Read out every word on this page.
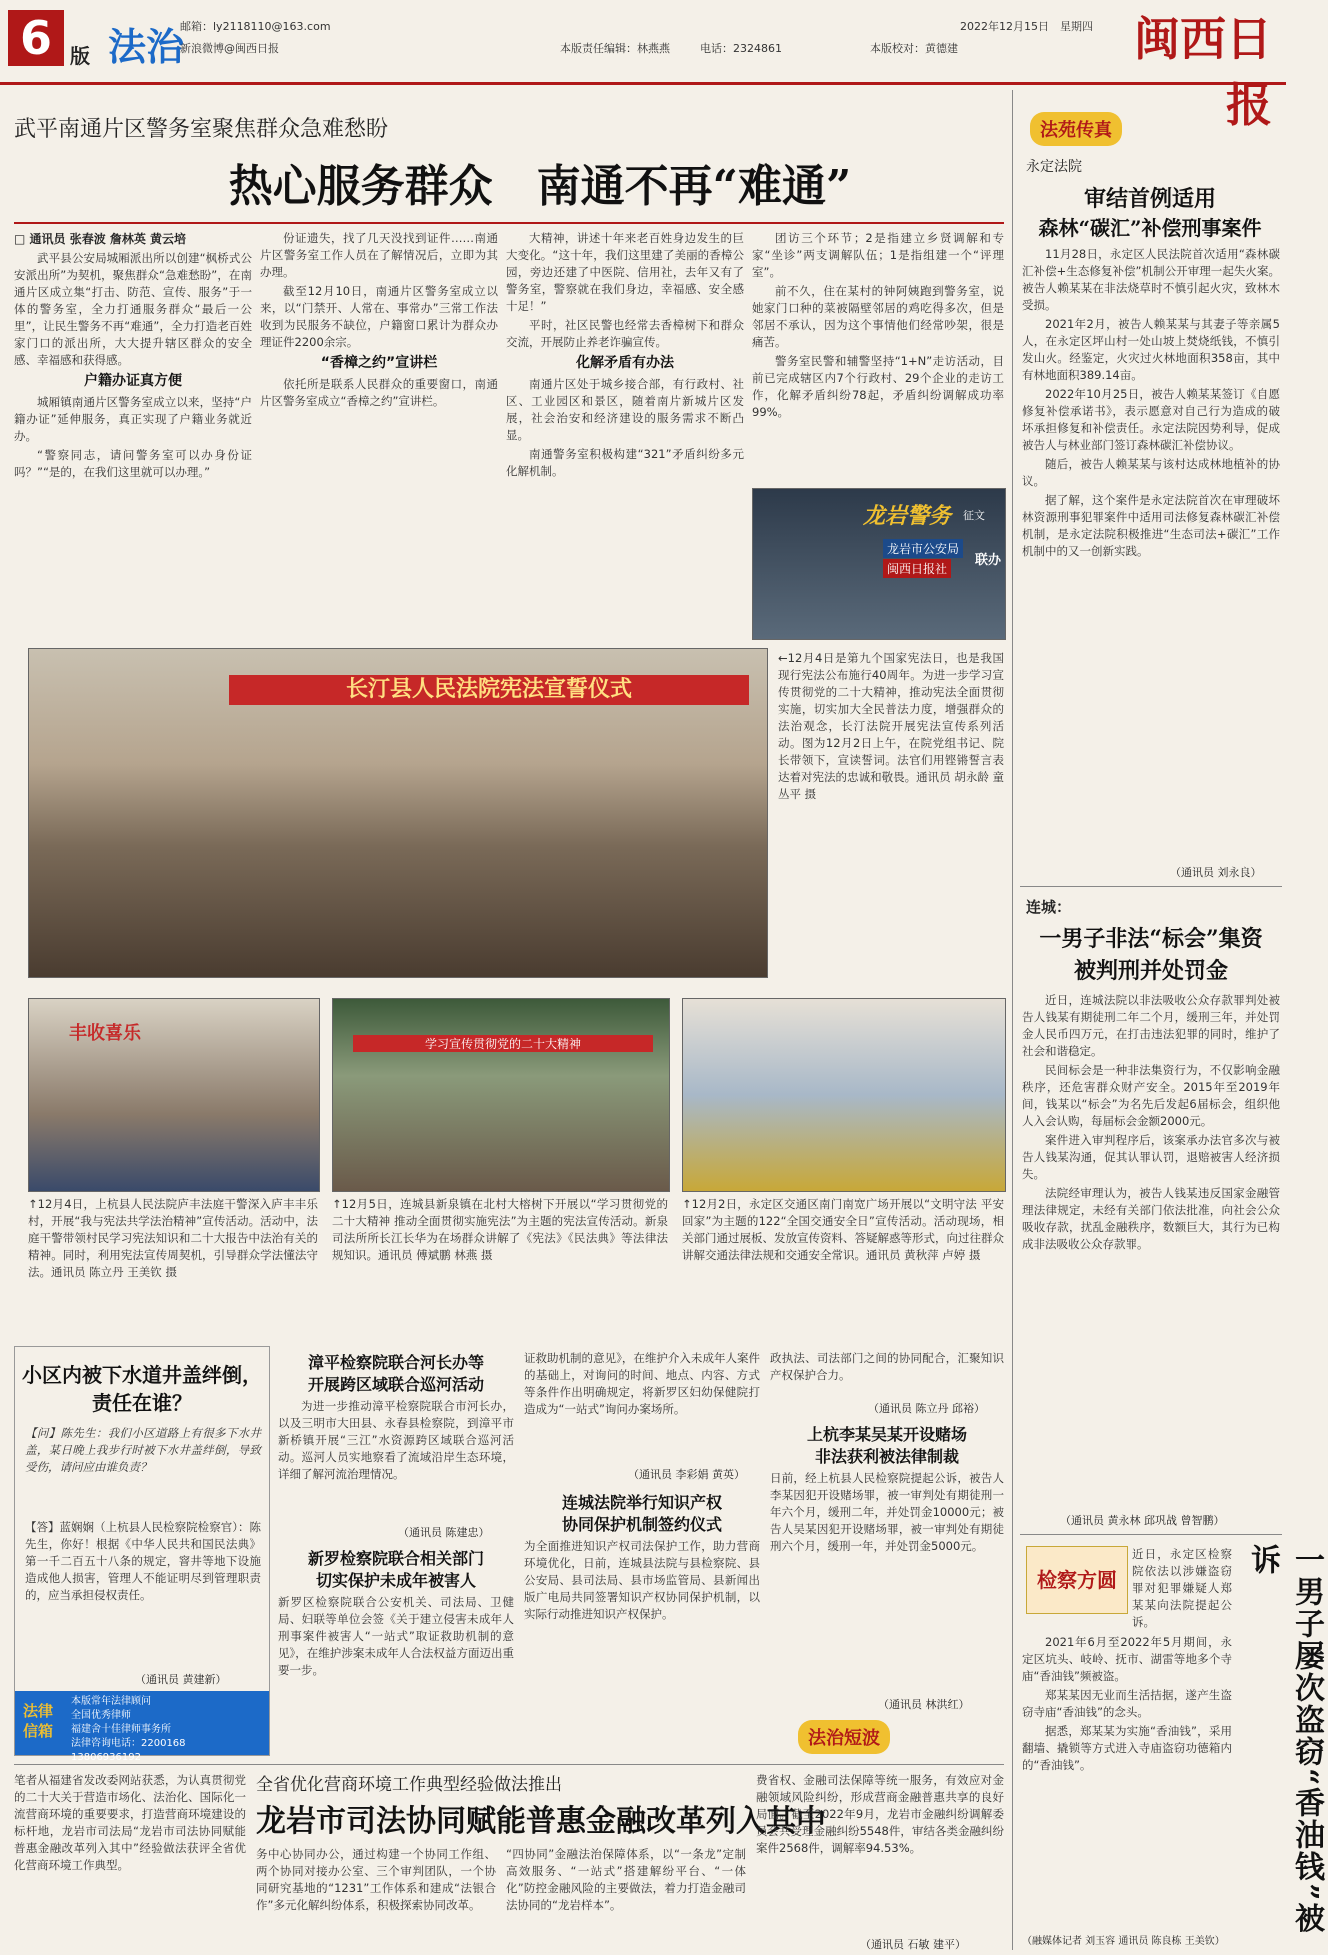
6 版 法治
邮箱：ly2118110@163.com
新浪微博@闽西日报	本版责任编辑：林燕燕	电话：2324861	本版校对：黄德建
2022年12月15日 星期四 闽西日报
武平南通片区警务室聚焦群众急难愁盼
热心服务群众　南通不再“难通”
□ 通讯员 张春波 詹林英 黄云培

武平县公安局城厢派出所以创建“枫桥式公安派出所”为契机，聚焦群众“急难愁盼”，在南通片区成立集“打击、防范、宣传、服务”于一体的警务室，全力打通服务群众“最后一公里”，让民生警务不再“难通”，全力打造老百姓家门口的派出所，大大提升辖区群众的安全感、幸福感和获得感。

户籍办证真方便

城厢镇南通片区警务室成立以来，坚持“户籍办证”延伸服务，真正实现了户籍业务就近办。

“警察同志，请问警务室可以办身份证吗？”“是的，在我们这里就可以办理。”

份证遗失，找了几天没找到证件……南通片区警务室工作人员在了解情况后，立即为其办理。

截至12月10日，南通片区警务室成立以来，以“门禁开、人常在、事常办”三常工作法收到为民服务不缺位，户籍窗口累计为群众办理证件2200余宗。

“香樟之约”宣讲栏

依托所是联系人民群众的重要窗口，南通片区警务室成立“香樟之约”宣讲栏。

大精神，讲述十年来老百姓身边发生的巨大变化。“这十年，我们这里建了美丽的香樟公园，旁边还建了中医院、信用社，去年又有了警务室，警察就在我们身边，幸福感、安全感十足！”

平时，社区民警也经常去香樟树下和群众交流，开展防止养老诈骗宣传。

化解矛盾有办法

南通片区处于城乡接合部，有行政村、社区、工业园区和景区，随着南片新城片区发展，社会治安和经济建设的服务需求不断凸显。

南通警务室积极构建“321”矛盾纠纷多元化解机制。

团访三个环节；2是指建立乡贤调解和专家“坐诊”两支调解队伍；1是指组建一个“评理室”。

前不久，住在某村的钟阿姨跑到警务室，说她家门口种的菜被隔壁邻居的鸡吃得多次，但是邻居不承认，因为这个事情他们经常吵架，很是痛苦。

警务室民警和辅警坚持“1+N”走访活动，目前已完成辖区内7个行政村、29个企业的走访工作，化解矛盾纠纷78起，矛盾纠纷调解成功率99%。

龙岩警务 征文
龙岩市公安局
闽西日报社
联办
长汀县人民法院宪法宣誓仪式
←12月4日是第九个国家宪法日，也是我国现行宪法公布施行40周年。为进一步学习宣传贯彻党的二十大精神，推动宪法全面贯彻实施，切实加大全民普法力度，增强群众的法治观念，长汀法院开展宪法宣传系列活动。图为12月2日上午，在院党组书记、院长带领下，宣读誓词。法官们用铿锵誓言表达着对宪法的忠诚和敬畏。通讯员 胡永龄 童丛平 摄
丰收喜乐	学习宣传贯彻党的二十大精神
↑12月4日，上杭县人民法院庐丰法庭干警深入庐丰丰乐村，开展“我与宪法共学法治精神”宣传活动。活动中，法庭干警带领村民学习宪法知识和二十大报告中法治有关的精神。同时，利用宪法宣传周契机，引导群众学法懂法守法。通讯员 陈立丹 王美钦 摄
↑12月5日，连城县新泉镇在北村大榕树下开展以“学习贯彻党的二十大精神 推动全面贯彻实施宪法”为主题的宪法宣传活动。新泉司法所所长江长华为在场群众讲解了《宪法》《民法典》等法律法规知识。通讯员 傅斌鹏 林燕 摄
↑12月2日，永定区交通区南门南宽广场开展以“文明守法 平安回家”为主题的122“全国交通安全日”宣传活动。活动现场，相关部门通过展板、发放宣传资料、答疑解惑等形式，向过往群众讲解交通法律法规和交通安全常识。通讯员 黄秋萍 卢婷 摄
小区内被下水道井盖绊倒，
责任在谁？
【问】陈先生：我们小区道路上有很多下水井盖，某日晚上我步行时被下水井盖绊倒，导致受伤，请问应由谁负责？
【答】蓝娴娴（上杭县人民检察院检察官）：陈先生，你好！根据《中华人民共和国民法典》第一千二百五十八条的规定，窨井等地下设施造成他人损害，管理人不能证明尽到管理职责的，应当承担侵权责任。
（通讯员 黄建新）
法律信箱
本版常年法律顾问
全国优秀律师
福建舍十佳律师事务所
法律咨询电话：2200168　13806936192
漳平检察院联合河长办等
开展跨区域联合巡河活动
为进一步推动漳平检察院联合市河长办，以及三明市大田县、永春县检察院，到漳平市新桥镇开展“三江”水资源跨区域联合巡河活动。巡河人员实地察看了流域沿岸生态环境，详细了解河流治理情况。
（通讯员 陈建忠）
新罗检察院联合相关部门
切实保护未成年被害人
新罗区检察院联合公安机关、司法局、卫健局、妇联等单位会签《关于建立侵害未成年人刑事案件被害人“一站式”取证救助机制的意见》，在维护涉案未成年人合法权益方面迈出重要一步。
证救助机制的意见》，在维护介入未成年人案件的基础上，对询问的时间、地点、内容、方式等条件作出明确规定，将新罗区妇幼保健院打造成为“一站式”询问办案场所。
（通讯员 李彩娟 黄英）
连城法院举行知识产权
协同保护机制签约仪式
为全面推进知识产权司法保护工作，助力营商环境优化，日前，连城县法院与县检察院、县公安局、县司法局、县市场监管局、县新闻出版广电局共同签署知识产权协同保护机制，以实际行动推进知识产权保护。
政执法、司法部门之间的协同配合，汇聚知识产权保护合力。
（通讯员 陈立丹 邱裕）
上杭李某吴某开设赌场
非法获利被法律制裁
日前，经上杭县人民检察院提起公诉，被告人李某因犯开设赌场罪，被一审判处有期徒刑一年六个月，缓刑二年，并处罚金10000元；被告人吴某因犯开设赌场罪，被一审判处有期徒刑六个月，缓刑一年，并处罚金5000元。
（通讯员 林洪红）
法治短波
笔者从福建省发改委网站获悉，为认真贯彻党的二十大关于营造市场化、法治化、国际化一流营商环境的重要要求，打造营商环境建设的标杆地，龙岩市司法局“龙岩市司法协同赋能普惠金融改革列入其中”经验做法获评全省优化营商环境工作典型。
全省优化营商环境工作典型经验做法推出
龙岩市司法协同赋能普惠金融改革列入其中
务中心协同办公，通过构建一个协同工作组、两个协同对接办公室、三个审判团队，一个协同研究基地的“1231”工作体系和建成“法银合作”多元化解纠纷体系，积极探索协同改革。
“四协同”金融法治保障体系，以“一条龙”定制高效服务、“一站式”搭建解纷平台、“一体化”防控金融风险的主要做法，着力打造金融司法协同的“龙岩样本”。
费省权、金融司法保障等统一服务，有效应对金融领域风险纠纷，形成营商金融普惠共享的良好局面。截至2022年9月，龙岩市金融纠纷调解委员会共受理金融纠纷5548件，审结各类金融纠纷案件2568件，调解率94.53%。
（通讯员 石敏 建平）
法苑传真
永定法院
审结首例适用
森林“碳汇”补偿刑事案件

11月28日，永定区人民法院首次适用“森林碳汇补偿+生态修复补偿”机制公开审理一起失火案。被告人赖某某在非法烧草时不慎引起火灾，致林木受损。

2021年2月，被告人赖某某与其妻子等亲属5人，在永定区坪山村一处山坡上焚烧纸钱，不慎引发山火。经鉴定，火灾过火林地面积358亩，其中有林地面积389.14亩。

2022年10月25日，被告人赖某某签订《自愿修复补偿承诺书》，表示愿意对自己行为造成的破坏承担修复和补偿责任。永定法院因势利导，促成被告人与林业部门签订森林碳汇补偿协议。

随后，被告人赖某某与该村达成林地植补的协议。

据了解，这个案件是永定法院首次在审理破坏林资源刑事犯罪案件中适用司法修复森林碳汇补偿机制，是永定法院积极推进“生态司法+碳汇”工作机制中的又一创新实践。

（通讯员 刘永良）
连城：
一男子非法“标会”集资
被判刑并处罚金

近日，连城法院以非法吸收公众存款罪判处被告人钱某有期徒刑二年二个月，缓刑三年，并处罚金人民币四万元，在打击违法犯罪的同时，维护了社会和谐稳定。

民间标会是一种非法集资行为，不仅影响金融秩序，还危害群众财产安全。2015年至2019年间，钱某以“标会”为名先后发起6届标会，组织他人入会认购，每届标会金额2000元。

案件进入审判程序后，该案承办法官多次与被告人钱某沟通，促其认罪认罚，退赔被害人经济损失。

法院经审理认为，被告人钱某违反国家金融管理法律规定，未经有关部门依法批准，向社会公众吸收存款，扰乱金融秩序，数额巨大，其行为已构成非法吸收公众存款罪。

（通讯员 黄永林 邱巩战 曾智鹏）
检察方圆	一男子屡次盗窃“香油钱”被诉
近日，永定区检察院依法以涉嫌盗窃罪对犯罪嫌疑人郑某某向法院提起公诉。

2021年6月至2022年5月期间，永定区坑头、岐岭、抚市、湖雷等地多个寺庙“香油钱”频被盗。

郑某某因无业而生活拮据，遂产生盗窃寺庙“香油钱”的念头。

据悉，郑某某为实施“香油钱”，采用翻墙、撬锁等方式进入寺庙盗窃功德箱内的“香油钱”。

（融媒体记者 刘玉容 通讯员 陈良栋 王美钦）
